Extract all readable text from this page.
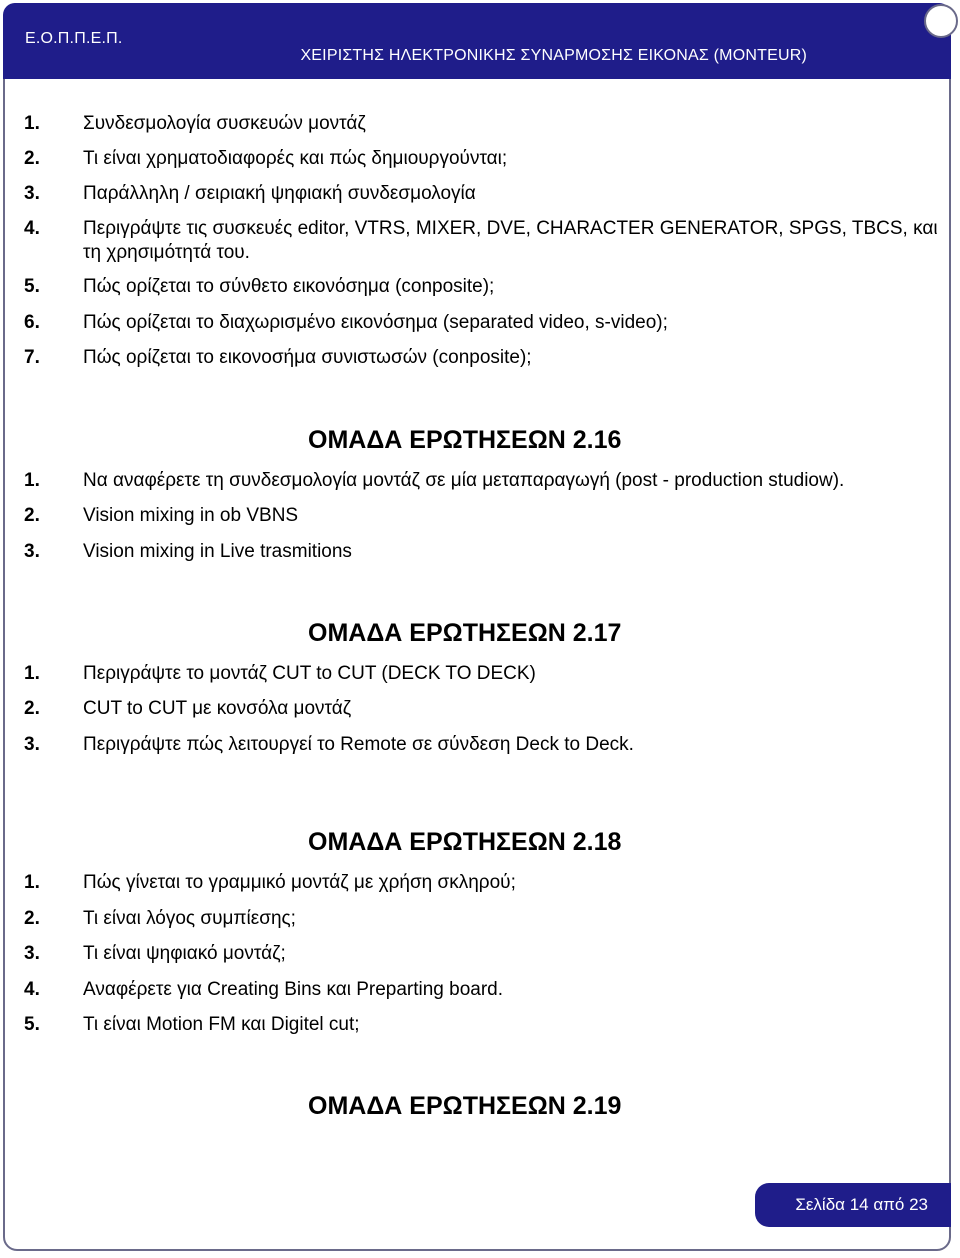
Ε.Ο.Π.Π.Ε.Π.
ΧΕΙΡΙΣΤΗΣ ΗΛΕΚΤΡΟΝΙΚΗΣ ΣΥΝΑΡΜΟΣΗΣ ΕΙΚΟΝΑΣ (MONTEUR)
1.	Συνδεσμολογία συσκευών μοντάζ
2.	Τι είναι χρηματοδιαφορές και πώς δημιουργούνται;
3.	Παράλληλη / σειριακή ψηφιακή συνδεσμολογία
4.	Περιγράψτε τις συσκευές editor, VTRS, MIXER, DVE, CHARACTER GENERATOR, SPGS, TBCS, και τη χρησιμότητά του.
5.	Πώς ορίζεται το σύνθετο εικονόσημα (conposite);
6.	Πώς ορίζεται το διαχωρισμένο εικονόσημα (separated video, s-video);
7.	Πώς ορίζεται το εικονοσήμα συνιστωσών (conposite);
ΟΜΑΔΑ ΕΡΩΤΗΣΕΩΝ 2.16
1.	Να αναφέρετε τη συνδεσμολογία μοντάζ σε μία μεταπαραγωγή (post - production studiow).
2.	Vision mixing in ob VBNS
3.	Vision mixing in Live trasmitions
ΟΜΑΔΑ ΕΡΩΤΗΣΕΩΝ 2.17
1.	Περιγράψτε το μοντάζ CUT to CUT (DECK TO DECK)
2.	CUT to CUT με κονσόλα μοντάζ
3.	Περιγράψτε πώς λειτουργεί το Remote σε σύνδεση Deck to Deck.
ΟΜΑΔΑ ΕΡΩΤΗΣΕΩΝ 2.18
1.	Πώς γίνεται το γραμμικό μοντάζ με χρήση σκληρού;
2.	Τι είναι λόγος συμπίεσης;
3.	Τι είναι ψηφιακό μοντάζ;
4.	Αναφέρετε για Creating Bins και Preparting board.
5.	Τι είναι Motion FM και Digitel cut;
ΟΜΑΔΑ ΕΡΩΤΗΣΕΩΝ 2.19
Σελίδα 14 από 23
